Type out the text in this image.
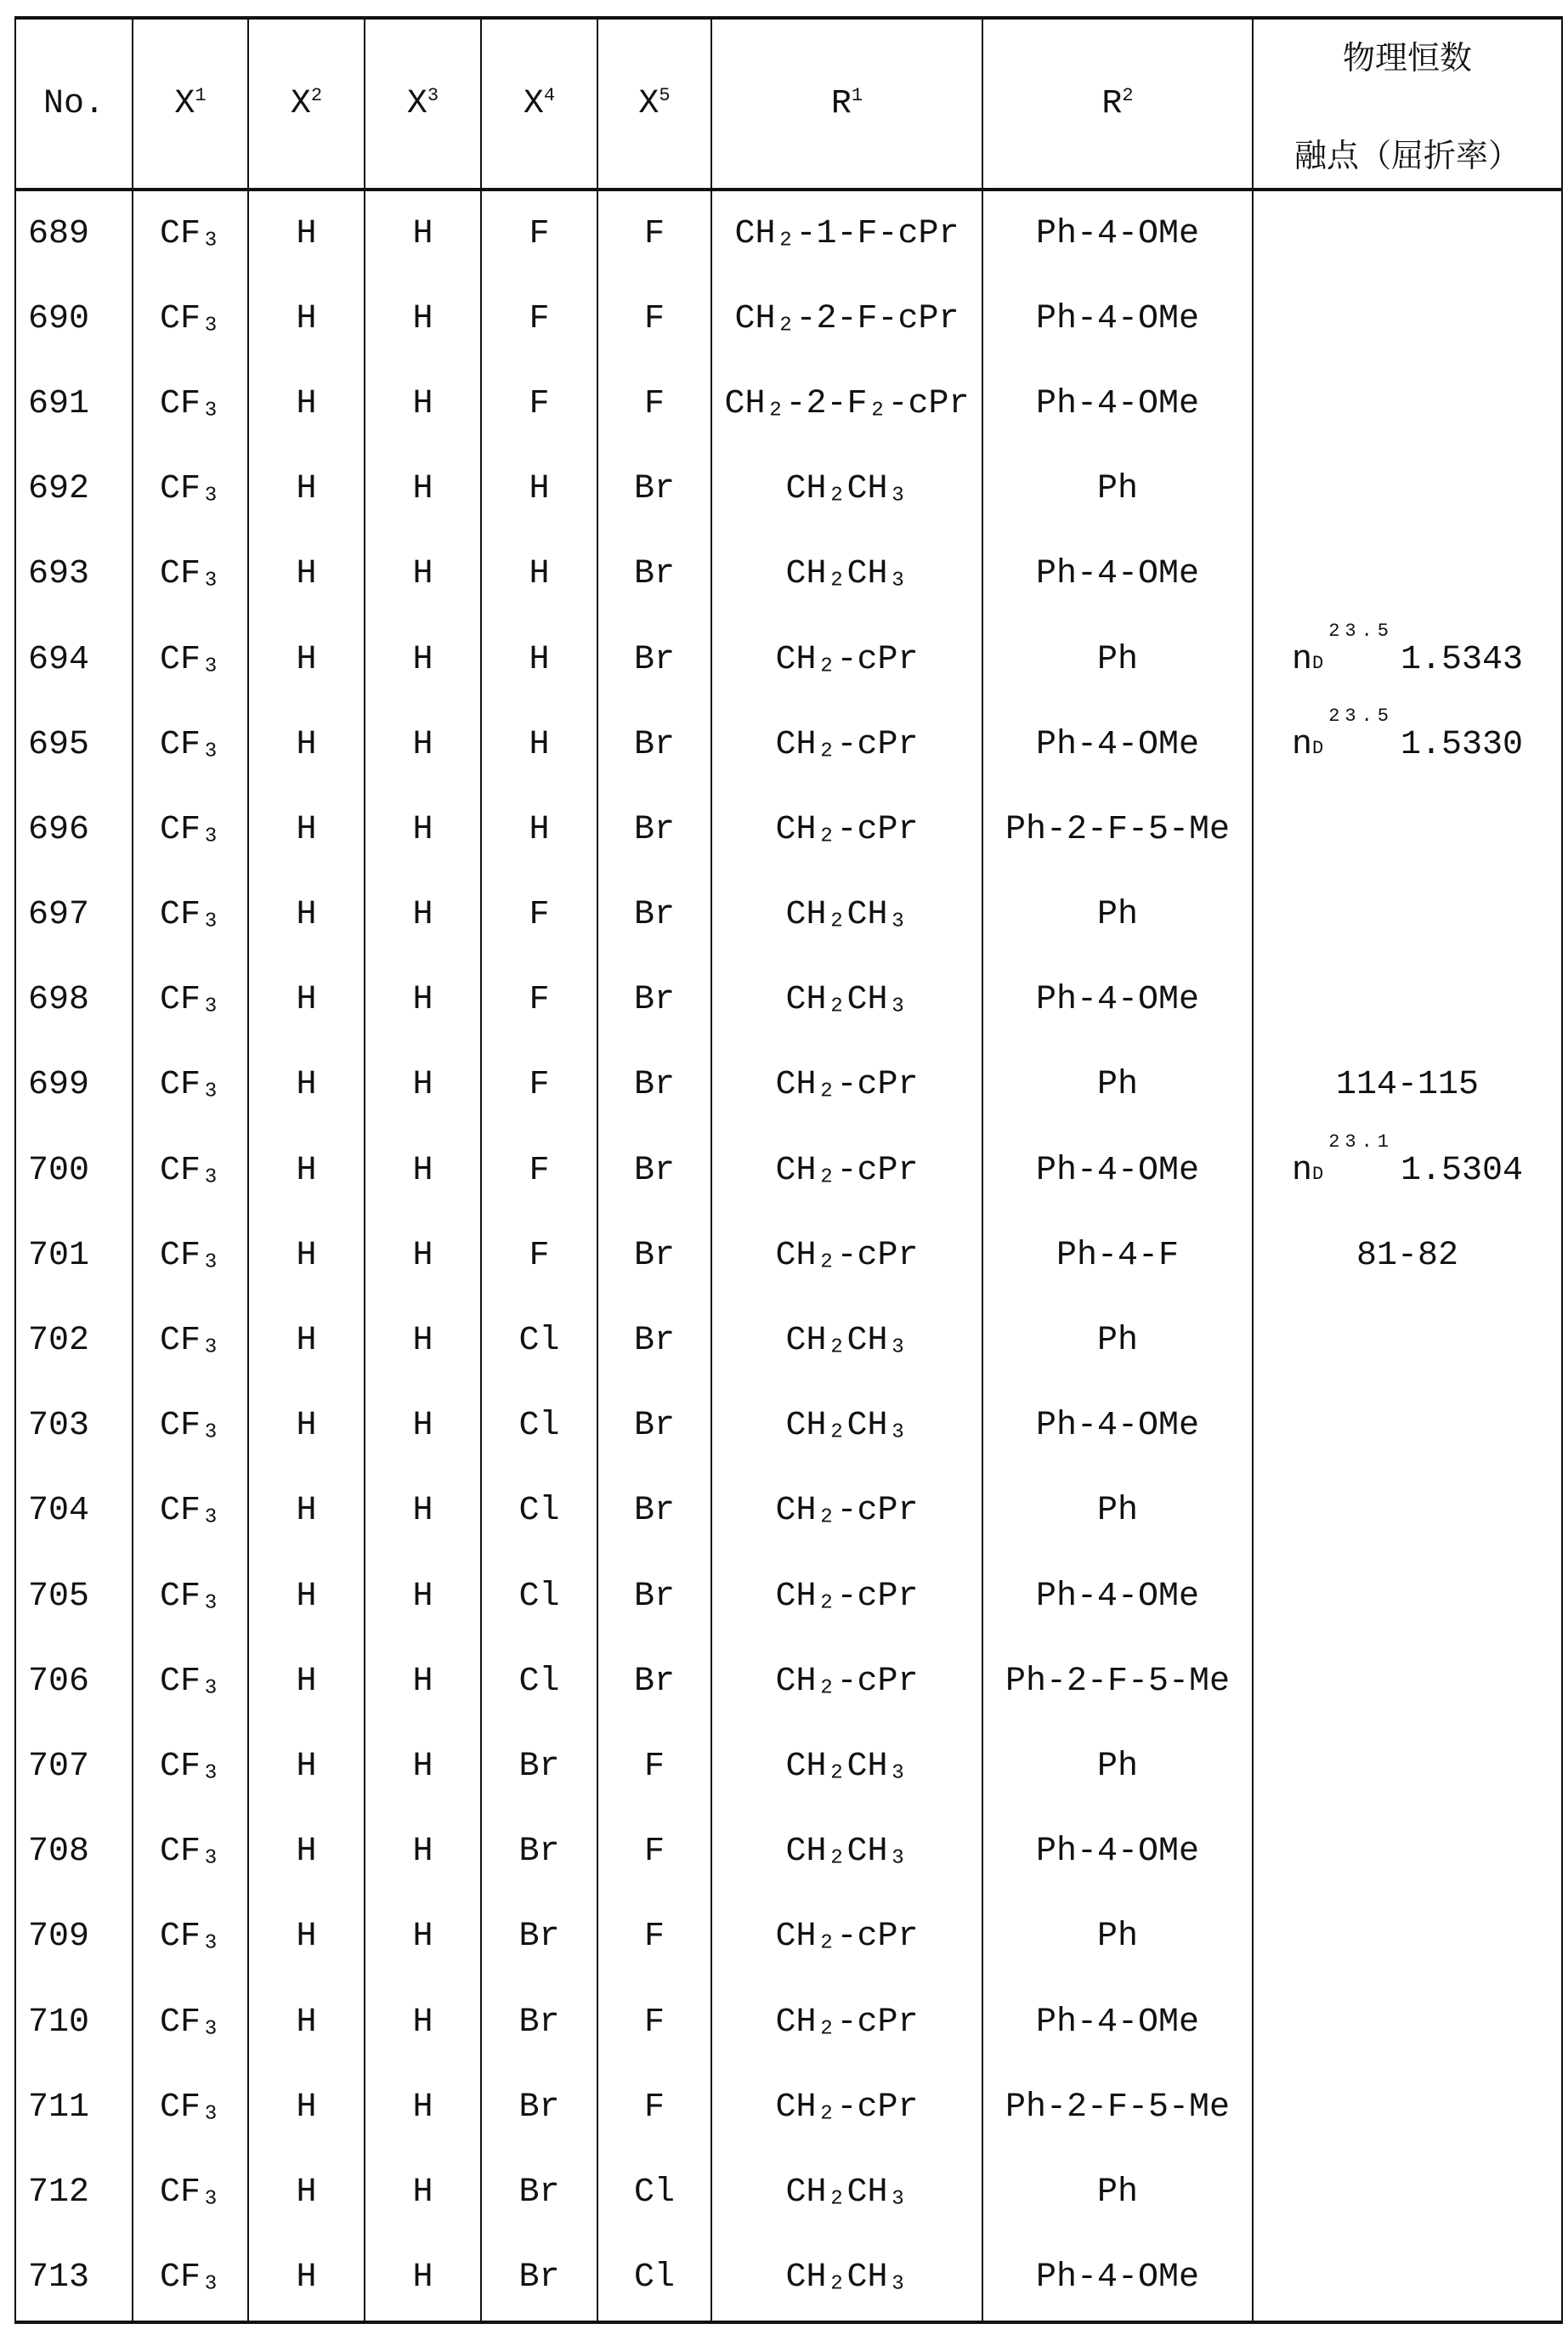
No.	X1	X2	X3	X4	X5	R1	R2	
物理恒数
融点（屈折率）

689	CF₃	H	H	F	F	CH₂-1-F-cPr	Ph-4-OMe	
690	CF₃	H	H	F	F	CH₂-2-F-cPr	Ph-4-OMe	
691	CF₃	H	H	F	F	CH₂-2-F₂-cPr	Ph-4-OMe	
692	CF₃	H	H	H	Br	CH₂CH₃	Ph	
693	CF₃	H	H	H	Br	CH₂CH₃	Ph-4-OMe	
694	CF₃	H	H	H	Br	CH₂-cPr	Ph	n D
23.5
1.5343

695	CF₃	H	H	H	Br	CH₂-cPr	Ph-4-OMe	n D
23.5
1.5330

696	CF₃	H	H	H	Br	CH₂-cPr	Ph-2-F-5-Me	
697	CF₃	H	H	F	Br	CH₂CH₃	Ph	
698	CF₃	H	H	F	Br	CH₂CH₃	Ph-4-OMe	
699	CF₃	H	H	F	Br	CH₂-cPr	Ph	114-115
700	CF₃	H	H	F	Br	CH₂-cPr	Ph-4-OMe	n D
23.1
1.5304

701	CF₃	H	H	F	Br	CH₂-cPr	Ph-4-F	81-82
702	CF₃	H	H	Cl	Br	CH₂CH₃	Ph	
703	CF₃	H	H	Cl	Br	CH₂CH₃	Ph-4-OMe	
704	CF₃	H	H	Cl	Br	CH₂-cPr	Ph	
705	CF₃	H	H	Cl	Br	CH₂-cPr	Ph-4-OMe	
706	CF₃	H	H	Cl	Br	CH₂-cPr	Ph-2-F-5-Me	
707	CF₃	H	H	Br	F	CH₂CH₃	Ph	
708	CF₃	H	H	Br	F	CH₂CH₃	Ph-4-OMe	
709	CF₃	H	H	Br	F	CH₂-cPr	Ph	
710	CF₃	H	H	Br	F	CH₂-cPr	Ph-4-OMe	
711	CF₃	H	H	Br	F	CH₂-cPr	Ph-2-F-5-Me	
712	CF₃	H	H	Br	Cl	CH₂CH₃	Ph	
713	CF₃	H	H	Br	Cl	CH₂CH₃	Ph-4-OMe	
